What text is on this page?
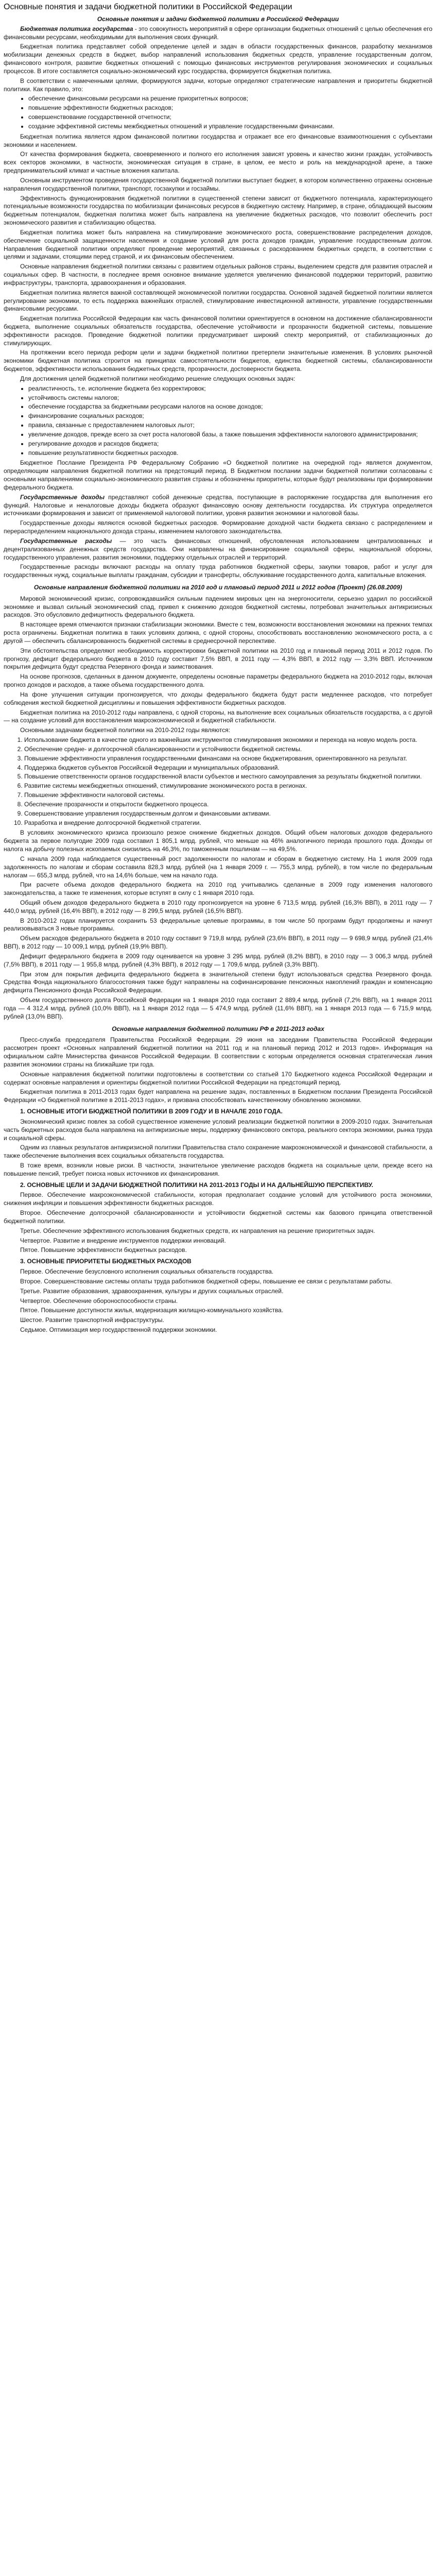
Основные понятия и задачи бюджетной политики в Российской Федерации
Основные понятия и задачи бюджетной политики в Российской Федерации

Бюджетная политика государства - это совокупность мероприятий в сфере организации бюджетных отношений с целью обеспечения его финансовыми ресурсами, необходимыми для выполнения своих функций.

Бюджетная политика представляет собой определение целей и задач в области государственных финансов, разработку механизмов мобилизации денежных средств в бюджет, выбор направлений использования бюджетных средств, управление государственным долгом, финансового контроля, развитие бюджетных отношений с помощью финансовых инструментов регулирования экономических и социальных процессов. В итоге составляется социально-экономический курс государства, формируется бюджетная политика.

В соответствии с намеченными целями, формируются задачи, которые определяют стратегические направления и приоритеты бюджетной политики. Как правило, это:

• обеспечение финансовыми ресурсами на решение приоритетных вопросов;
• повышение эффективности бюджетных расходов;
• совершенствование государственной отчетности;
• создание эффективной системы межбюджетных отношений и управление государственными финансами.

Бюджетная политика является ядром финансовой политики государства и отражает все его финансовые взаимоотношения с субъектами экономики и населением.

От качества формирования бюджета, своевременного и полного его исполнения зависят уровень и качество жизни граждан, устойчивость всех секторов экономики, в частности, экономическая ситуация в стране, в целом, ее место и роль на международной арене, а также предпринимательский климат и частные вложения капитала.

Основным инструментом проведения государственной бюджетной политики выступает бюджет, в котором количественно отражены основные направления государственной политики, транспорт, госзакупки и госзаймы.

Эффективность функционирования бюджетной политики в существенной степени зависит от бюджетного потенциала, характеризующего потенциальные возможности государства по мобилизации финансовых ресурсов в бюджетную систему. Например, в стране, обладающей высоким бюджетным потенциалом, бюджетная политика может быть направлена на увеличение бюджетных расходов, что позволит обеспечить рост экономического развития и стабилизацию общества.

Бюджетная политика может быть направлена на стимулирование экономического роста, совершенствование распределения доходов, обеспечение социальной защищенности населения и создание условий для роста доходов граждан, управление государственным долгом. Направления бюджетной политики определяют проведение мероприятий, связанных с расходованием бюджетных средств, в соответствии с целями и задачами, стоящими перед страной, и их финансовым обеспечением.

Основные направления бюджетной политики связаны с развитием отдельных районов страны, выделением средств для развития отраслей и социальных сфер. В частности, в последнее время основное внимание уделяется увеличению финансовой поддержки территорий, развитию инфраструктуры, транспорта, здравоохранения и образования.

Бюджетная политика является важной составляющей экономической политики государства. Основной задачей бюджетной политики является регулирование экономики, то есть поддержка важнейших отраслей, стимулирование инвестиционной активности, управление государственными финансовыми ресурсами.

Бюджетная политика Российской Федерации как часть финансовой политики ориентируется в основном на достижение сбалансированности бюджета, выполнение социальных обязательств государства, обеспечение устойчивости и прозрачности бюджетной системы, повышение эффективности расходов. Проведение бюджетной политики предусматривает широкий спектр мероприятий, от стабилизационных до стимулирующих.

На протяжении всего периода реформ цели и задачи бюджетной политики претерпели значительные изменения. В условиях рыночной экономики бюджетная политика строится на принципах самостоятельности бюджетов, единства бюджетной системы, сбалансированности бюджетов, эффективности использования бюджетных средств, прозрачности, достоверности бюджета.

Для достижения целей бюджетной политики необходимо решение следующих основных задач:

• реалистичность, т.е. исполнение бюджета без корректировок;
• устойчивость системы налогов;
• обеспечение государства за бюджетными ресурсами налогов на основе доходов;
• финансирование социальных расходов;
• правила, связанные с предоставлением налоговых льгот;
• увеличение доходов, прежде всего за счет роста налоговой базы, а также повышения эффективности налогового администрирования;
• регулирование доходов и расходов бюджета;
• повышение результативности бюджетных расходов.

Бюджетное Послание Президента РФ Федеральному Собранию «О бюджетной политике на очередной год» является документом, определяющим направления бюджетной политики на предстоящий период. В Бюджетном послании задачи бюджетной политики согласованы с основными направлениями социально-экономического развития страны и обозначены приоритеты, которые будут реализованы при формировании федерального бюджета.

Государственные доходы представляют собой денежные средства, поступающие в распоряжение государства для выполнения его функций. Налоговые и неналоговые доходы бюджета образуют финансовую основу деятельности государства. Их структура определяется источниками формирования и зависит от применяемой налоговой политики, уровня развития экономики и налоговой базы.

Государственные доходы являются основой бюджетных расходов. Формирование доходной части бюджета связано с распределением и перераспределением национального дохода страны, изменением налогового законодательства.

Государственные расходы — это часть финансовых отношений, обусловленная использованием централизованных и децентрализованных денежных средств государства. Они направлены на финансирование социальной сферы, национальной обороны, государственного управления, развития экономики, поддержку отдельных отраслей и территорий.

Государственные расходы включают расходы на оплату труда работников бюджетной сферы, закупки товаров, работ и услуг для государственных нужд, социальные выплаты гражданам, субсидии и трансферты, обслуживание государственного долга, капитальные вложения.

Основные направления бюджетной политики на 2010 год и плановый период 2011 и 2012 годов (Проект) (26.08.2009)

Мировой экономический кризис, сопровождавшийся сильным падением мировых цен на энергоносители, серьезно ударил по российской экономике и вызвал сильный экономический спад, привел к снижению доходов бюджетной системы, потребовал значительных антикризисных расходов. Это обусловило дефицитность федерального бюджета.

В настоящее время отмечаются признаки стабилизации экономики. Вместе с тем, возможности восстановления экономики на прежних темпах роста ограничены. Бюджетная политика в таких условиях должна, с одной стороны, способствовать восстановлению экономического роста, а с другой — обеспечить сбалансированность бюджетной системы в среднесрочной перспективе.

Эти обстоятельства определяют необходимость корректировки бюджетной политики на 2010 год и плановый период 2011 и 2012 годов. По прогнозу, дефицит федерального бюджета в 2010 году составит 7,5% ВВП, в 2011 году — 4,3% ВВП, в 2012 году — 3,3% ВВП. Источником покрытия дефицита будут средства Резервного фонда и заимствования.

На основе прогнозов, сделанных в данном документе, определены основные параметры федерального бюджета на 2010-2012 годы, включая прогноз доходов и расходов, а также объема государственного долга.

На фоне улучшения ситуации прогнозируется, что доходы федерального бюджета будут расти медленнее расходов, что потребует соблюдения жесткой бюджетной дисциплины и повышения эффективности бюджетных расходов.

Бюджетная политика на 2010-2012 годы направлена, с одной стороны, на выполнение всех социальных обязательств государства, а с другой — на создание условий для восстановления макроэкономической и бюджетной стабильности.

Основными задачами бюджетной политики на 2010-2012 годы являются:

1. Использование бюджета в качестве одного из важнейших инструментов стимулирования экономики и перехода на новую модель роста.
2. Обеспечение средне- и долгосрочной сбалансированности и устойчивости бюджетной системы.
3. Повышение эффективности управления государственными финансами на основе бюджетирования, ориентированного на результат.
4. Поддержка бюджетов субъектов Российской Федерации и муниципальных образований.
5. Повышение ответственности органов государственной власти субъектов и местного самоуправления за результаты бюджетной политики.
6. Развитие системы межбюджетных отношений, стимулирование экономического роста в регионах.
7. Повышение эффективности налоговой системы.
8. Обеспечение прозрачности и открытости бюджетного процесса.
9. Совершенствование управления государственным долгом и финансовыми активами.
10. Разработка и внедрение долгосрочной бюджетной стратегии.

В условиях экономического кризиса произошло резкое снижение бюджетных доходов. Общий объем налоговых доходов федерального бюджета за первое полугодие 2009 года составил 1 805,1 млрд. рублей, что меньше на 46% аналогичного периода прошлого года. Доходы от налога на добычу полезных ископаемых снизились на 46,3%, по таможенным пошлинам — на 49,5%.

С начала 2009 года наблюдается существенный рост задолженности по налогам и сборам в бюджетную систему. На 1 июля 2009 года задолженность по налогам и сборам составила 828,3 млрд. рублей (на 1 января 2009 г. — 755,3 млрд. рублей), в том числе по федеральным налогам — 655,3 млрд. рублей, что на 14,6% больше, чем на начало года.

При расчете объема доходов федерального бюджета на 2010 год учитывались сделанные в 2009 году изменения налогового законодательства, а также те изменения, которые вступят в силу с 1 января 2010 года.

Общий объем доходов федерального бюджета в 2010 году прогнозируется на уровне 6 713,5 млрд. рублей (16,3% ВВП), в 2011 году — 7 440,0 млрд. рублей (16,4% ВВП), в 2012 году — 8 299,5 млрд. рублей (16,5% ВВП).

В 2010-2012 годах планируется сохранить 53 федеральные целевые программы, в том числе 50 программ будут продолжены и начнут реализовываться 3 новые программы.

Объем расходов федерального бюджета в 2010 году составит 9 719,8 млрд. рублей (23,6% ВВП), в 2011 году — 9 698,9 млрд. рублей (21,4% ВВП), в 2012 году — 10 009,1 млрд. рублей (19,9% ВВП).

Дефицит федерального бюджета в 2009 году оценивается на уровне 3 295 млрд. рублей (8,2% ВВП), в 2010 году — 3 006,3 млрд. рублей (7,5% ВВП), в 2011 году — 1 955,8 млрд. рублей (4,3% ВВП), в 2012 году — 1 709,6 млрд. рублей (3,3% ВВП).

При этом для покрытия дефицита федерального бюджета в значительной степени будут использоваться средства Резервного фонда. Средства Фонда национального благосостояния также будут направлены на софинансирование пенсионных накоплений граждан и компенсацию дефицита Пенсионного фонда Российской Федерации.

Объем государственного долга Российской Федерации на 1 января 2010 года составит 2 889,4 млрд. рублей (7,2% ВВП), на 1 января 2011 года — 4 312,4 млрд. рублей (10,0% ВВП), на 1 января 2012 года — 5 474,9 млрд. рублей (11,6% ВВП), на 1 января 2013 года — 6 715,9 млрд. рублей (13,0% ВВП).

Основные направления бюджетной политики РФ в 2011-2013 годах

Пресс-служба председателя Правительства Российской Федерации. 29 июня на заседании Правительства Российской Федерации рассмотрен проект «Основных направлений бюджетной политики на 2011 год и на плановый период 2012 и 2013 годов». Информация на официальном сайте Министерства финансов Российской Федерации. В соответствии с которым определяется основная стратегическая линия развития экономики страны на ближайшие три года.

Основные направления бюджетной политики подготовлены в соответствии со статьей 170 Бюджетного кодекса Российской Федерации и содержат основные направления и ориентиры бюджетной политики Российской Федерации на предстоящий период.

Бюджетная политика в 2011-2013 годах будет направлена на решение задач, поставленных в Бюджетном послании Президента Российской Федерации «О бюджетной политике в 2011-2013 годах», и призвана способствовать качественному обновлению экономики.

1. ОСНОВНЫЕ ИТОГИ БЮДЖЕТНОЙ ПОЛИТИКИ В 2009 ГОДУ И В НАЧАЛЕ 2010 ГОДА.

Экономический кризис повлек за собой существенное изменение условий реализации бюджетной политики в 2009-2010 годах. Значительная часть бюджетных расходов была направлена на антикризисные меры, поддержку финансового сектора, реального сектора экономики, рынка труда и социальной сферы.

Одним из главных результатов антикризисной политики Правительства стало сохранение макроэкономической и финансовой стабильности, а также обеспечение выполнения всех социальных обязательств государства.

В тоже время, возникли новые риски. В частности, значительное увеличение расходов бюджета на социальные цели, прежде всего на повышение пенсий, требует поиска новых источников их финансирования.

2. ОСНОВНЫЕ ЦЕЛИ И ЗАДАЧИ БЮДЖЕТНОЙ ПОЛИТИКИ НА 2011-2013 ГОДЫ И НА ДАЛЬНЕЙШУЮ ПЕРСПЕКТИВУ.

Первое. Обеспечение макроэкономической стабильности, которая предполагает создание условий для устойчивого роста экономики, снижения инфляции и повышения эффективности бюджетных расходов.

Второе. Обеспечение долгосрочной сбалансированности и устойчивости бюджетной системы как базового принципа ответственной бюджетной политики.

Третье. Обеспечение эффективного использования бюджетных средств, их направления на решение приоритетных задач.

Четвертое. Развитие и внедрение инструментов поддержки инноваций.

Пятое. Повышение эффективности бюджетных расходов.

3. ОСНОВНЫЕ ПРИОРИТЕТЫ БЮДЖЕТНЫХ РАСХОДОВ

Первое. Обеспечение безусловного исполнения социальных обязательств государства.

Второе. Совершенствование системы оплаты труда работников бюджетной сферы, повышение ее связи с результатами работы.

Третье. Развитие образования, здравоохранения, культуры и других социальных отраслей.

Четвертое. Обеспечение обороноспособности страны.

Пятое. Повышение доступности жилья, модернизация жилищно-коммунального хозяйства.

Шестое. Развитие транспортной инфраструктуры.

Седьмое. Оптимизация мер государственной поддержки экономики.
